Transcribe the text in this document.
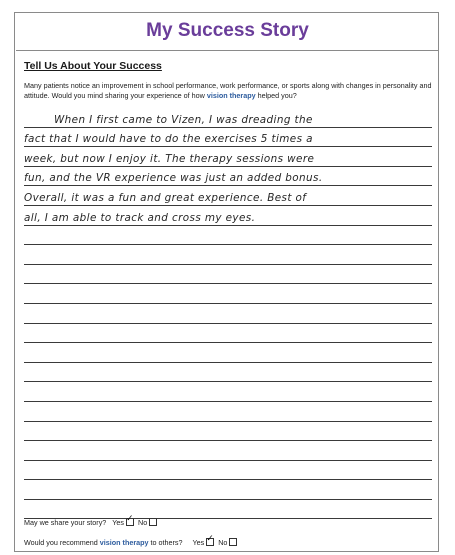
My Success Story
Tell Us About Your Success
Many patients notice an improvement in school performance, work performance, or sports along with changes in personality and attitude. Would you mind sharing your experience of how vision therapy helped you?
When I first came to Vizen, I was dreading the
fact that I would have to do the exercises 5 times a
week, but now I enjoy it. The therapy sessions were
fun, and the VR experience was just an added bonus.
Overall, it was a fun and great experience. Best of
all, I am able to track and cross my eyes.
May we share your story? Yes ✓ No
Would you recommend vision therapy to others? Yes ✓ No
